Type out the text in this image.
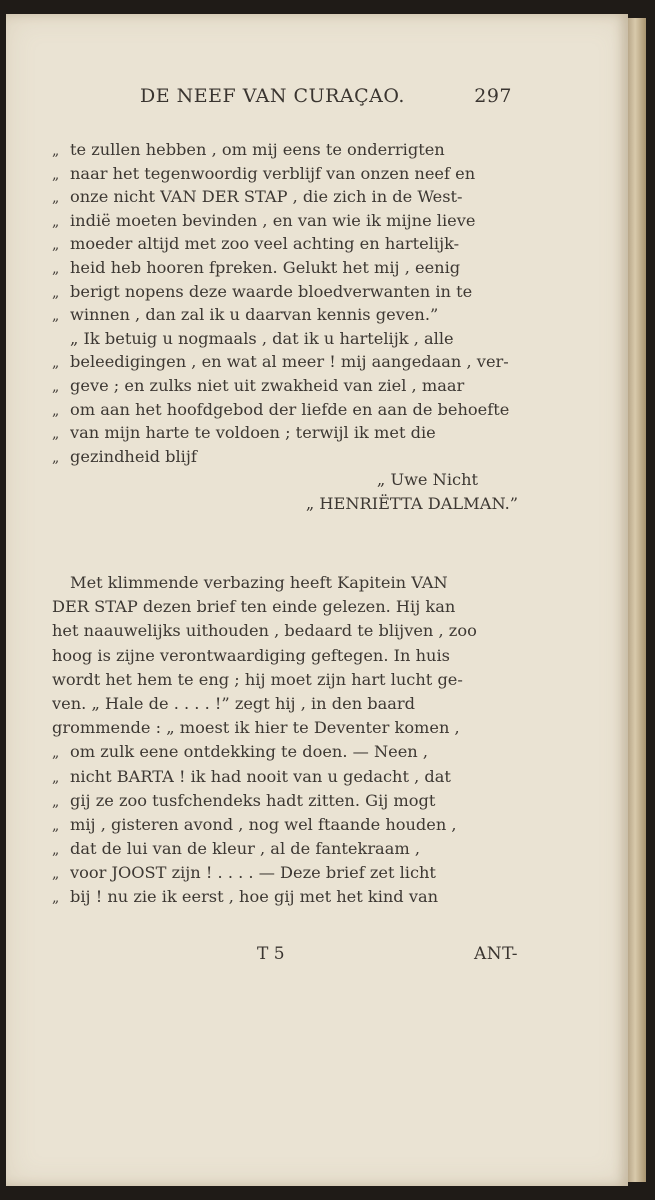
DE NEEF VAN CURAÇAO.	297
„ te zullen hebben , om mij eens te onderrigten
„ naar het tegenwoordig verblijf van onzen neef en
„ onze nicht VAN DER STAP , die zich in de West-
„ indië moeten bevinden , en van wie ik mijne lieve
„ moeder altijd met zoo veel achting en hartelijk-
„ heid heb hooren fpreken. Gelukt het mij , eenig
„ berigt nopens deze waarde bloedverwanten in te
„ winnen , dan zal ik u daarvan kennis geven.”
„ Ik betuig u nogmaals , dat ik u hartelijk , alle
„ beleedigingen , en wat al meer ! mij aangedaan , ver-
„ geve ; en zulks niet uit zwakheid van ziel , maar
„ om aan het hoofdgebod der liefde en aan de behoefte
„ van mijn harte te voldoen ; terwijl ik met die
„ gezindheid blijf
„ Uwe Nicht
„ HENRIËTTA DALMAN.”
Met klimmende verbazing heeft Kapitein VAN
DER STAP dezen brief ten einde gelezen. Hij kan
het naauwelijks uithouden , bedaard te blijven , zoo
hoog is zijne verontwaardiging geftegen. In huis
wordt het hem te eng ; hij moet zijn hart lucht ge-
ven. „ Hale de . . . . !” zegt hij , in den baard
grommende : „ moest ik hier te Deventer komen ,
„ om zulk eene ontdekking te doen. — Neen ,
„ nicht BARTA ! ik had nooit van u gedacht , dat
„ gij ze zoo tusfchendeks hadt zitten. Gij mogt
„ mij , gisteren avond , nog wel ftaande houden ,
„ dat de lui van de kleur , al de fantekraam ,
„ voor JOOST zijn ! . . . . — Deze brief zet licht
„ bij ! nu zie ik eerst , hoe gij met het kind van
T 5	ANT-
